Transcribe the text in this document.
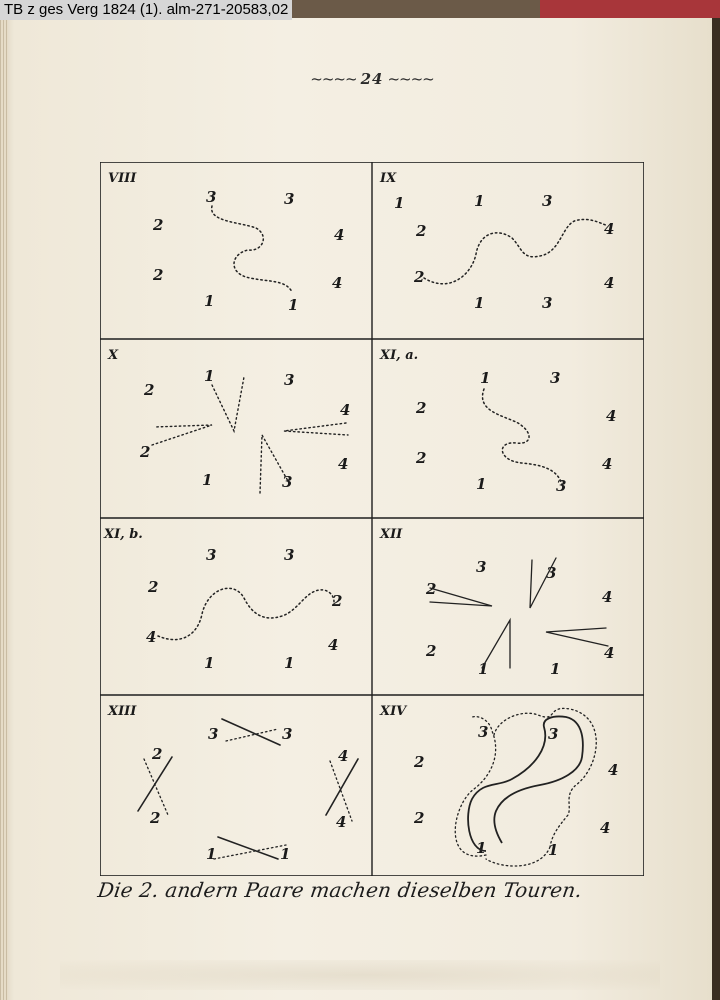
TB z ges Verg 1824 (1). alm-271-20583,02
~~~~ 24 ~~~~
VIII
3	3
2
4
2	4
1	1
IX
1	1	3
2	4
2	4
1	3
X
1	3
2
4
2
4
1	3
XI, a.
1	3
2	4
2	4
1	3
XI, b.
3	3
2
2
4	4
1	1
XII
2
3	3
4
2	4
1	1
XIII
3	3
2	4
2	4
1	1
XIV
3	3
2	4
2
4
1	1
Die 2. andern Paare machen dieselben Touren.
